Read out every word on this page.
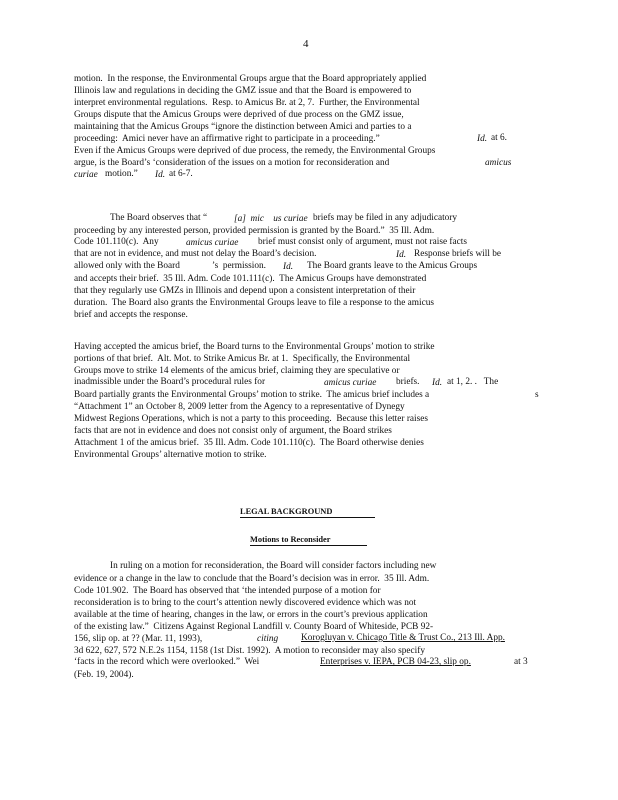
4
motion.  In the response, the Environmental Groups argue that the Board appropriately applied
Illinois law and regulations in deciding the GMZ issue and that the Board is empowered to
interpret environmental regulations.  Resp. to Amicus Br. at 2, 7.  Further, the Environmental
Groups dispute that the Amicus Groups were deprived of due process on the GMZ issue,
maintaining that the Amicus Groups “ignore the distinction between Amici and parties to a
proceeding:  Amici never have an affirmative right to participate in a proceeding.”	Id. at 6.
Even if the Amicus Groups were deprived of due process, the remedy, the Environmental Groups
argue, is the Board’s ‘consideration of the issues on a motion for reconsideration and	amicus
curiae motion.” Id. at 6-7.
The Board observes that “	[a]  mic    us curiae briefs may be filed in any adjudicatory
proceeding by any interested person, provided permission is granted by the Board.”  35 Ill. Adm.
Code 101.110(c).  Any	amicus curiae brief must consist only of argument, must not raise facts
that are not in evidence, and must not delay the Board’s decision.	Id. Response briefs will be
allowed only with the Board	’s  permission. Id. The Board grants leave to the Amicus Groups
and accepts their brief.  35 Ill. Adm. Code 101.111(c).  The Amicus Groups have demonstrated
that they regularly use GMZs in Illinois and depend upon a consistent interpretation of their
duration.  The Board also grants the Environmental Groups leave to file a response to the amicus
brief and accepts the response.
Having accepted the amicus brief, the Board turns to the Environmental Groups’ motion to strike
portions of that brief.  Alt. Mot. to Strike Amicus Br. at 1.  Specifically, the Environmental
Groups move to strike 14 elements of the amicus brief, claiming they are speculative or
inadmissible under the Board’s procedural rules for	amicus curiae briefs. Id. at 1, 2. .   The
Board partially grants the Environmental Groups’ motion to strike.  The amicus brief includes a	s
“Attachment 1” an October 8, 2009 letter from the Agency to a representative of Dynegy
Midwest Regions Operations, which is not a party to this proceeding.  Because this letter raises
facts that are not in evidence and does not consist only of argument, the Board strikes
Attachment 1 of the amicus brief.  35 Ill. Adm. Code 101.110(c).  The Board otherwise denies
Environmental Groups’ alternative motion to strike.
LEGAL BACKGROUND
Motions to Reconsider
In ruling on a motion for reconsideration, the Board will consider factors including new
evidence or a change in the law to conclude that the Board’s decision was in error.  35 Ill. Adm.
Code 101.902.  The Board has observed that ‘the intended purpose of a motion for
reconsideration is to bring to the court’s attention newly discovered evidence which was not
available at the time of hearing, changes in the law, or errors in the court’s previous application
of the existing law.”  Citizens Against Regional Landfill v. County Board of Whiteside, PCB 92-
156, slip op. at ?? (Mar. 11, 1993),	citing Korogluyan v. Chicago Title & Trust Co., 213 Ill. App.
3d 622, 627, 572 N.E.2s 1154, 1158 (1st Dist. 1992).  A motion to reconsider may also specify
‘facts in the record which were overlooked.”  Wei	Enterprises v. IEPA, PCB 04-23, slip op.	at 3
(Feb. 19, 2004).
